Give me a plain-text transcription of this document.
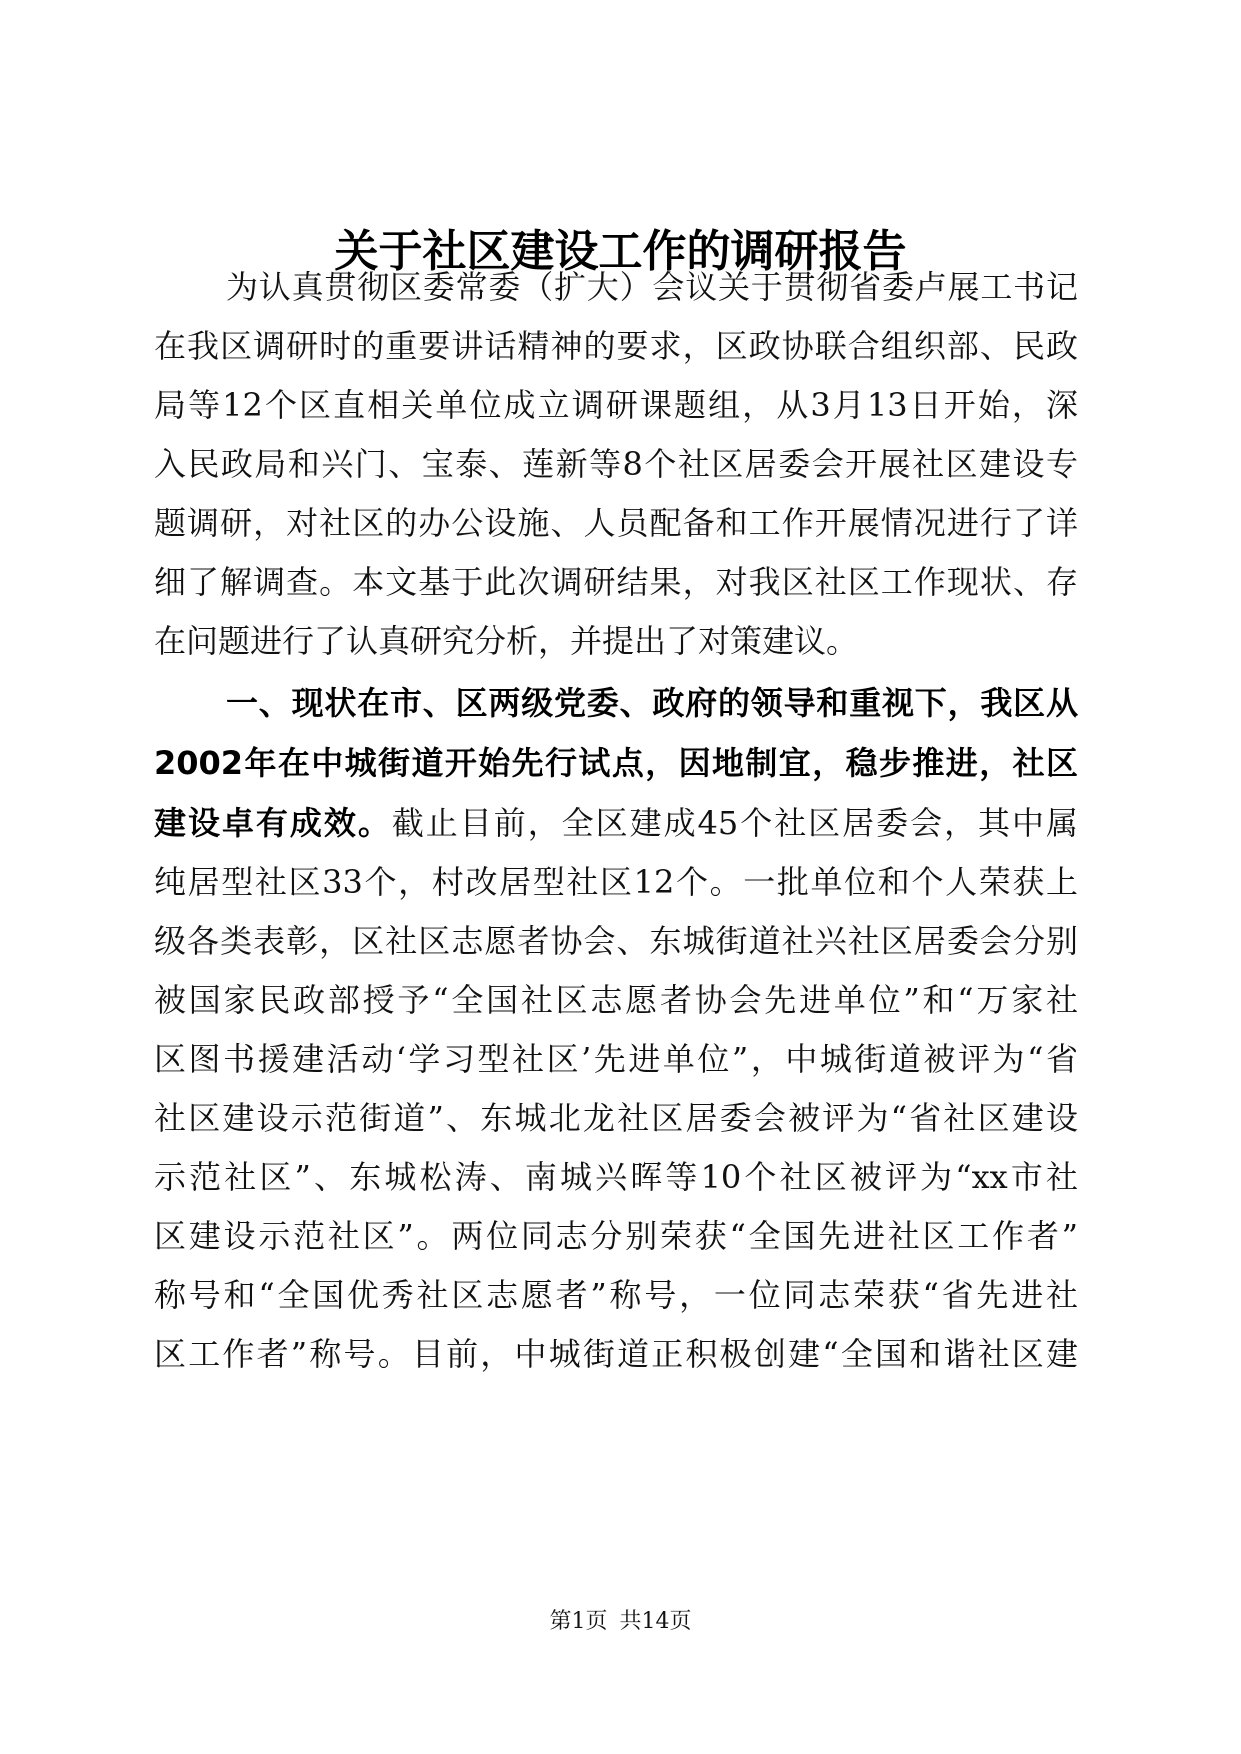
关于社区建设工作的调研报告
为认真贯彻区委常委（扩大）会议关于贯彻省委卢展工书记
在我区调研时的重要讲话精神的要求，区政协联合组织部、民政
局等12个区直相关单位成立调研课题组，从3月13日开始，深
入民政局和兴门、宝泰、莲新等8个社区居委会开展社区建设专
题调研，对社区的办公设施、人员配备和工作开展情况进行了详
细了解调查。本文基于此次调研结果，对我区社区工作现状、存
在问题进行了认真研究分析，并提出了对策建议。
一、现状在市、区两级党委、政府的领导和重视下，我区从
2002年在中城街道开始先行试点，因地制宜，稳步推进，社区
建设卓有成效。截止目前，全区建成45个社区居委会，其中属
纯居型社区33个，村改居型社区12个。一批单位和个人荣获上
级各类表彰，区社区志愿者协会、东城街道社兴社区居委会分别
被国家民政部授予“全国社区志愿者协会先进单位”和“万家社
区图书援建活动‘学习型社区’先进单位”，中城街道被评为“省
社区建设示范街道”、东城北龙社区居委会被评为“省社区建设
示范社区”、东城松涛、南城兴晖等10个社区被评为“xx市社
区建设示范社区”。两位同志分别荣获“全国先进社区工作者”
称号和“全国优秀社区志愿者”称号，一位同志荣获“省先进社
区工作者”称号。目前，中城街道正积极创建“全国和谐社区建
第1页 共14页
